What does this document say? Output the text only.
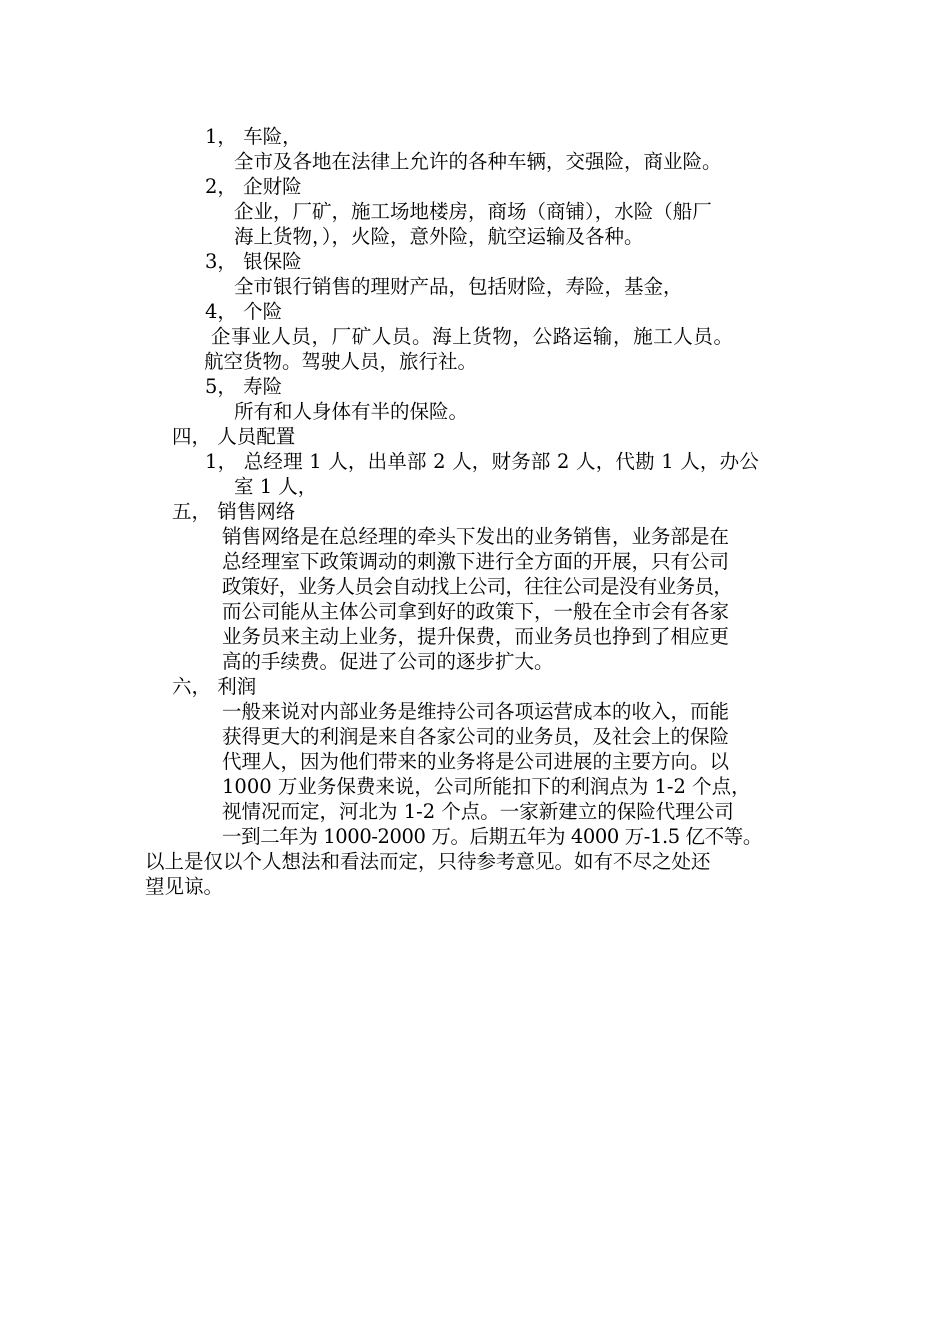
1， 车险，
全市及各地在法律上允许的各种车辆，交强险，商业险。
2， 企财险
企业，厂矿，施工场地楼房，商场（商铺），水险（船厂
海上货物，），火险，意外险，航空运输及各种。
3， 银保险
全市银行销售的理财产品，包括财险，寿险，基金，
4， 个险
企事业人员，厂矿人员。海上货物，公路运输，施工人员。
航空货物。驾驶人员，旅行社。
5， 寿险
所有和人身体有半的保险。
四， 人员配置
1， 总经理 1 人，出单部 2 人，财务部 2 人，代勘 1 人，办公
室 1 人，
五， 销售网络
销售网络是在总经理的牵头下发出的业务销售，业务部是在
总经理室下政策调动的刺激下进行全方面的开展，只有公司
政策好，业务人员会自动找上公司，往往公司是没有业务员，
而公司能从主体公司拿到好的政策下，一般在全市会有各家
业务员来主动上业务，提升保费，而业务员也挣到了相应更
高的手续费。促进了公司的逐步扩大。
六， 利润
一般来说对内部业务是维持公司各项运营成本的收入，而能
获得更大的利润是来自各家公司的业务员，及社会上的保险
代理人，因为他们带来的业务将是公司进展的主要方向。以
1000 万业务保费来说，公司所能扣下的利润点为 1-2 个点，
视情况而定，河北为 1-2 个点。一家新建立的保险代理公司
一到二年为 1000-2000 万。后期五年为 4000 万-1.5 亿不等。
以上是仅以个人想法和看法而定，只待参考意见。如有不尽之处还
望见谅。
